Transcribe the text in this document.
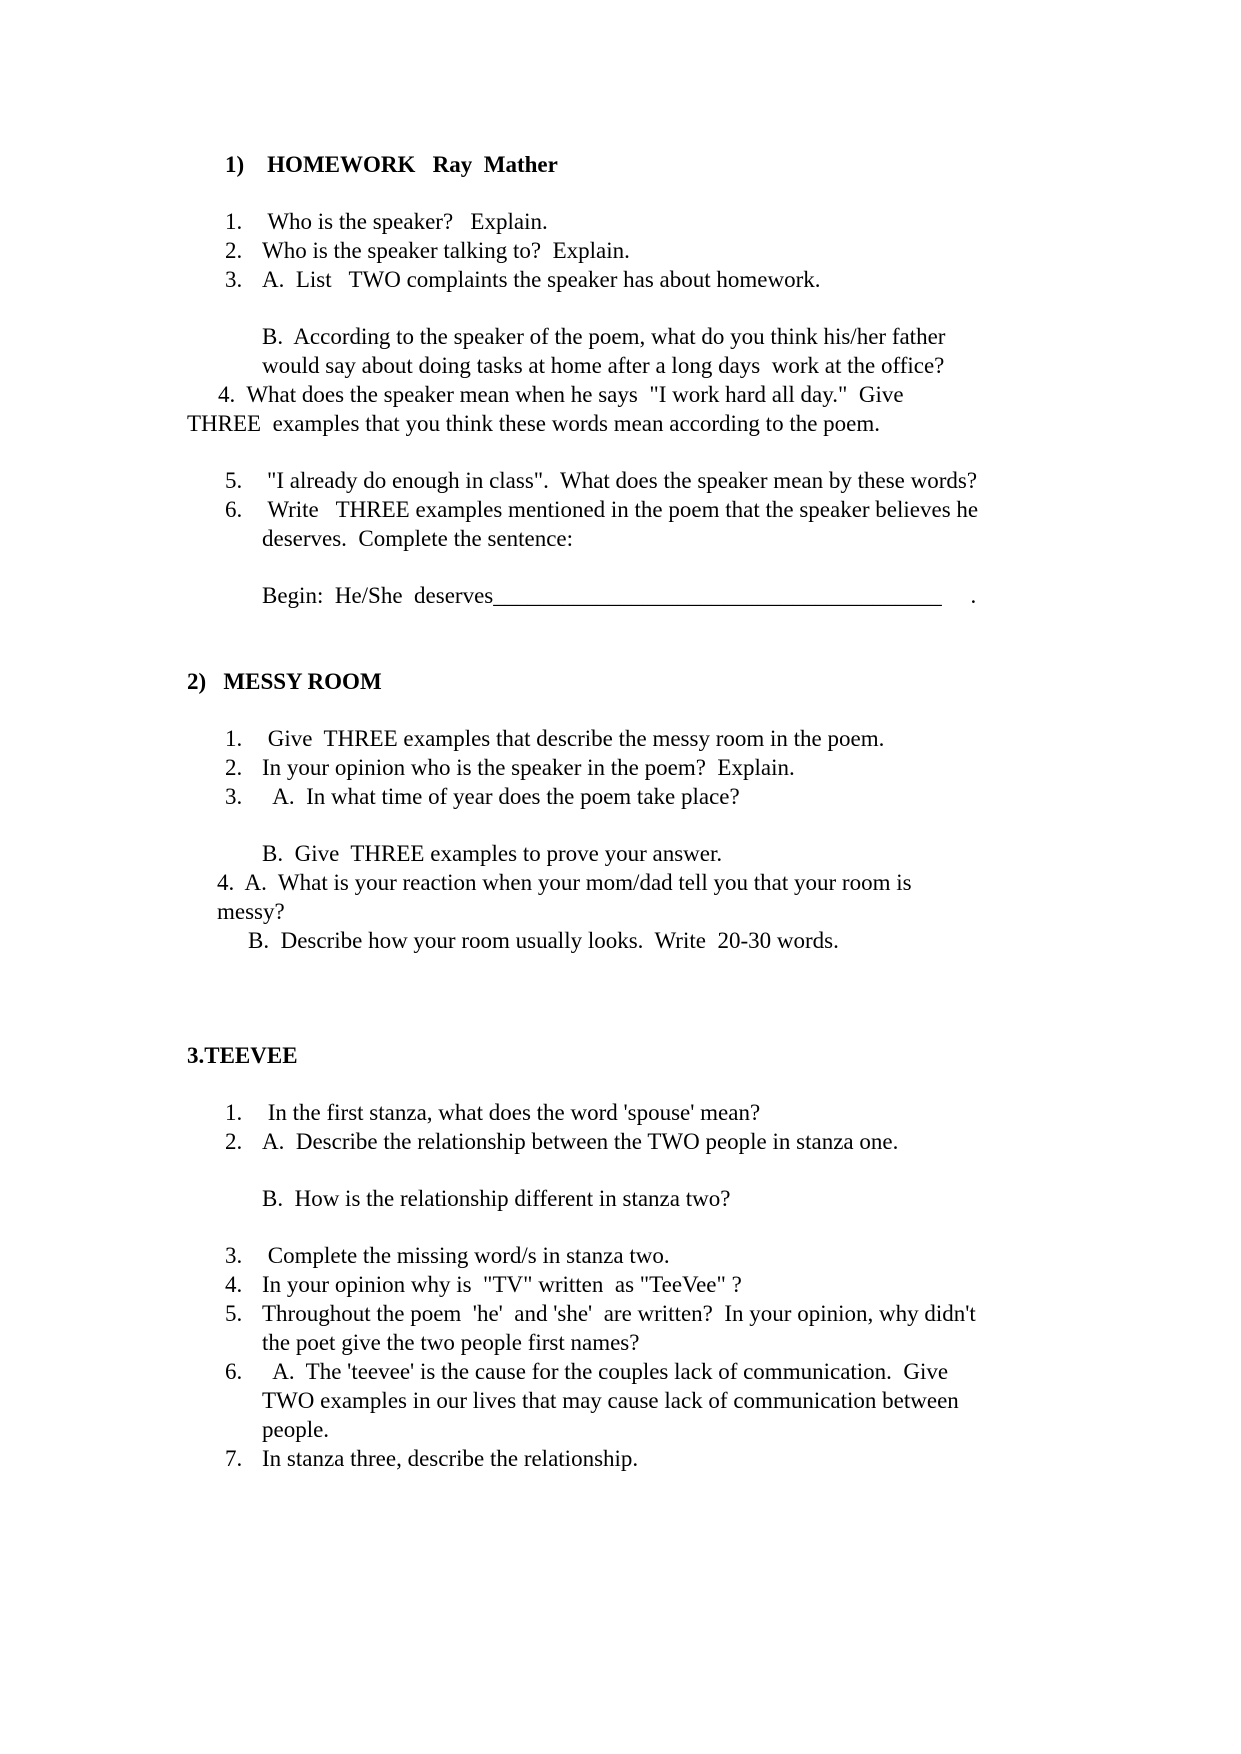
1)    HOMEWORK   Ray  Mather
1. Who is the speaker?   Explain.
2. Who is the speaker talking to?  Explain.
3. A.  List   TWO complaints the speaker has about homework.
B.  According to the speaker of the poem, what do you think his/her father
would say about doing tasks at home after a long days  work at the office?
4.  What does the speaker mean when he says  "I work hard all day."  Give
THREE  examples that you think these words mean according to the poem.
5. "I already do enough in class".  What does the speaker mean by these words?
6. Write   THREE examples mentioned in the poem that the speaker believes he
deserves.  Complete the sentence:
Begin:  He/She  deserves_______________________________________     .
2)   MESSY ROOM
1. Give  THREE examples that describe the messy room in the poem.
2. In your opinion who is the speaker in the poem?  Explain.
3. A.  In what time of year does the poem take place?
B.  Give  THREE examples to prove your answer.
4.  A.  What is your reaction when your mom/dad tell you that your room is
messy?
B.  Describe how your room usually looks.  Write  20-30 words.
3.TEEVEE
1. In the first stanza, what does the word 'spouse' mean?
2. A.  Describe the relationship between the TWO people in stanza one.
B.  How is the relationship different in stanza two?
3. Complete the missing word/s in stanza two.
4. In your opinion why is  "TV" written  as "TeeVee" ?
5. Throughout the poem  'he'  and 'she'  are written?  In your opinion, why didn't
the poet give the two people first names?
6. A.  The 'teevee' is the cause for the couples lack of communication.  Give
TWO examples in our lives that may cause lack of communication between
people.
7. In stanza three, describe the relationship.
